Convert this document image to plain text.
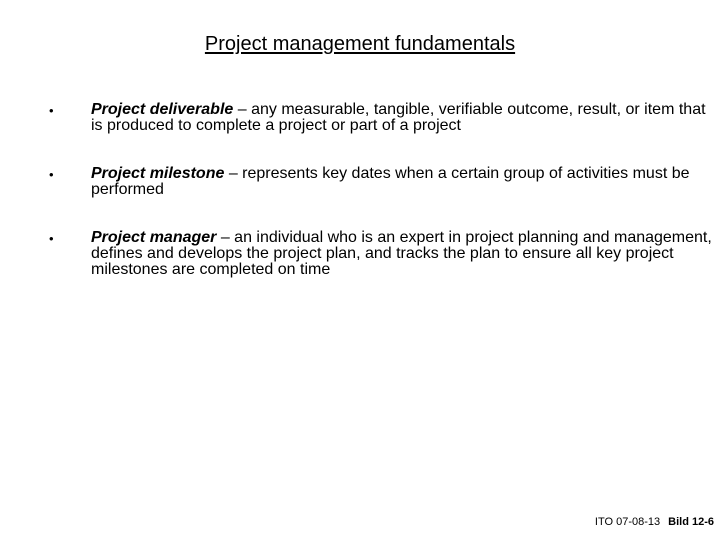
Project management fundamentals
• Project deliverable – any measurable, tangible, verifiable outcome, result, or item that is produced to complete a project or part of a project
• Project milestone – represents key dates when a certain group of activities must be performed
• Project manager – an individual who is an expert in project planning and management, defines and develops the project plan, and tracks the plan to ensure all key project milestones are completed on time
ITO 07-08-13 Bild 12-6
